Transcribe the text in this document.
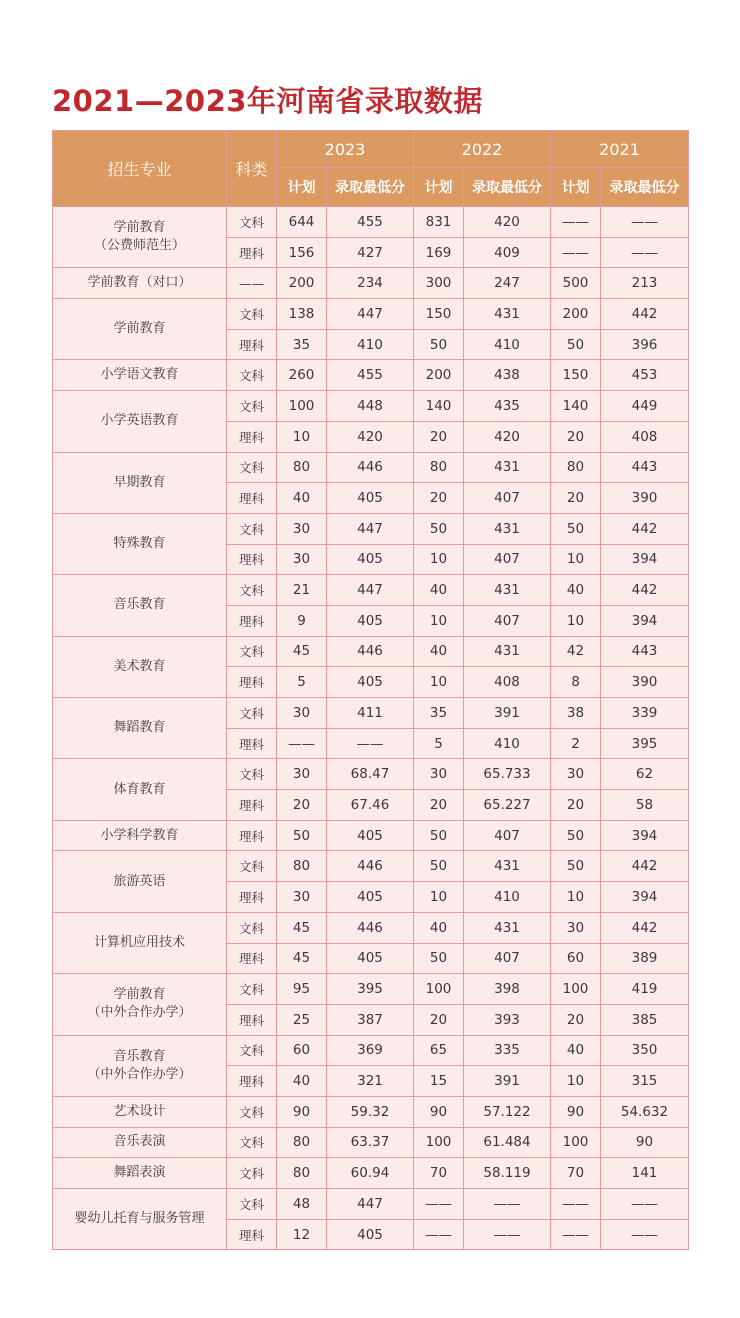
2021—2023年河南省录取数据
招生专业	科类	2023		2022		2021	
		计划	录取最低分	计划	录取最低分	计划	录取最低分
学前教育
（公费师范生）	文科	644	455	831	420	——	——
	理科	156	427	169	409	——	——
学前教育（对口）	——	200	234	300	247	500	213
学前教育	文科	138	447	150	431	200	442
	理科	35	410	50	410	50	396
小学语文教育	文科	260	455	200	438	150	453
小学英语教育	文科	100	448	140	435	140	449
	理科	10	420	20	420	20	408
早期教育	文科	80	446	80	431	80	443
	理科	40	405	20	407	20	390
特殊教育	文科	30	447	50	431	50	442
	理科	30	405	10	407	10	394
音乐教育	文科	21	447	40	431	40	442
	理科	9	405	10	407	10	394
美术教育	文科	45	446	40	431	42	443
	理科	5	405	10	408	8	390
舞蹈教育	文科	30	411	35	391	38	339
	理科	——	——	5	410	2	395
体育教育	文科	30	68.47	30	65.733	30	62
	理科	20	67.46	20	65.227	20	58
小学科学教育	理科	50	405	50	407	50	394
旅游英语	文科	80	446	50	431	50	442
	理科	30	405	10	410	10	394
计算机应用技术	文科	45	446	40	431	30	442
	理科	45	405	50	407	60	389
学前教育
（中外合作办学）	文科	95	395	100	398	100	419
	理科	25	387	20	393	20	385
音乐教育
（中外合作办学）	文科	60	369	65	335	40	350
	理科	40	321	15	391	10	315
艺术设计	文科	90	59.32	90	57.122	90	54.632
音乐表演	文科	80	63.37	100	61.484	100	90
舞蹈表演	文科	80	60.94	70	58.119	70	141
婴幼儿托育与服务管理	文科	48	447	——	——	——	——
	理科	12	405	——	——	——	——
